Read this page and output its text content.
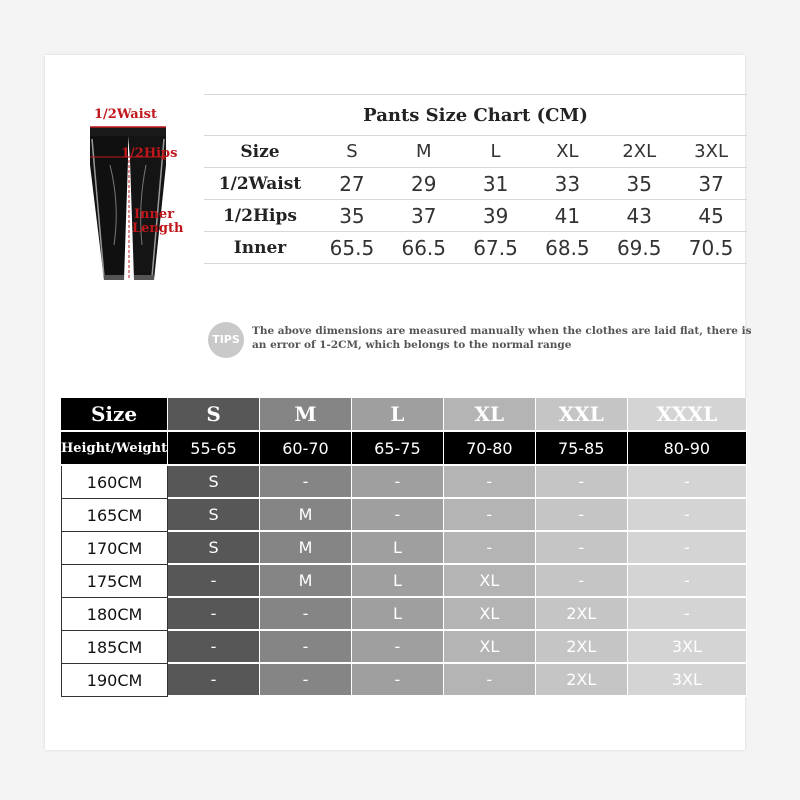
1/2Waist
1/2Hips
Inner Length
Pants Size Chart (CM)						
Size	S	M	L	XL	2XL	3XL
1/2Waist	27	29	31	33	35	37
1/2Hips	35	37	39	41	43	45
Inner	65.5	66.5	67.5	68.5	69.5	70.5
TIPS
The above dimensions are measured manually when the clothes are laid flat, there is an error of 1-2CM, which belongs to the normal range
Size	S	M	L	XL	XXL	XXXL
Height/Weight	55-65	60-70	65-75	70-80	75-85	80-90
160CM	S	-	-	-	-	-
165CM	S	M	-	-	-	-
170CM	S	M	L	-	-	-
175CM	-	M	L	XL	-	-
180CM	-	-	L	XL	2XL	-
185CM	-	-	-	XL	2XL	3XL
190CM	-	-	-	-	2XL	3XL
